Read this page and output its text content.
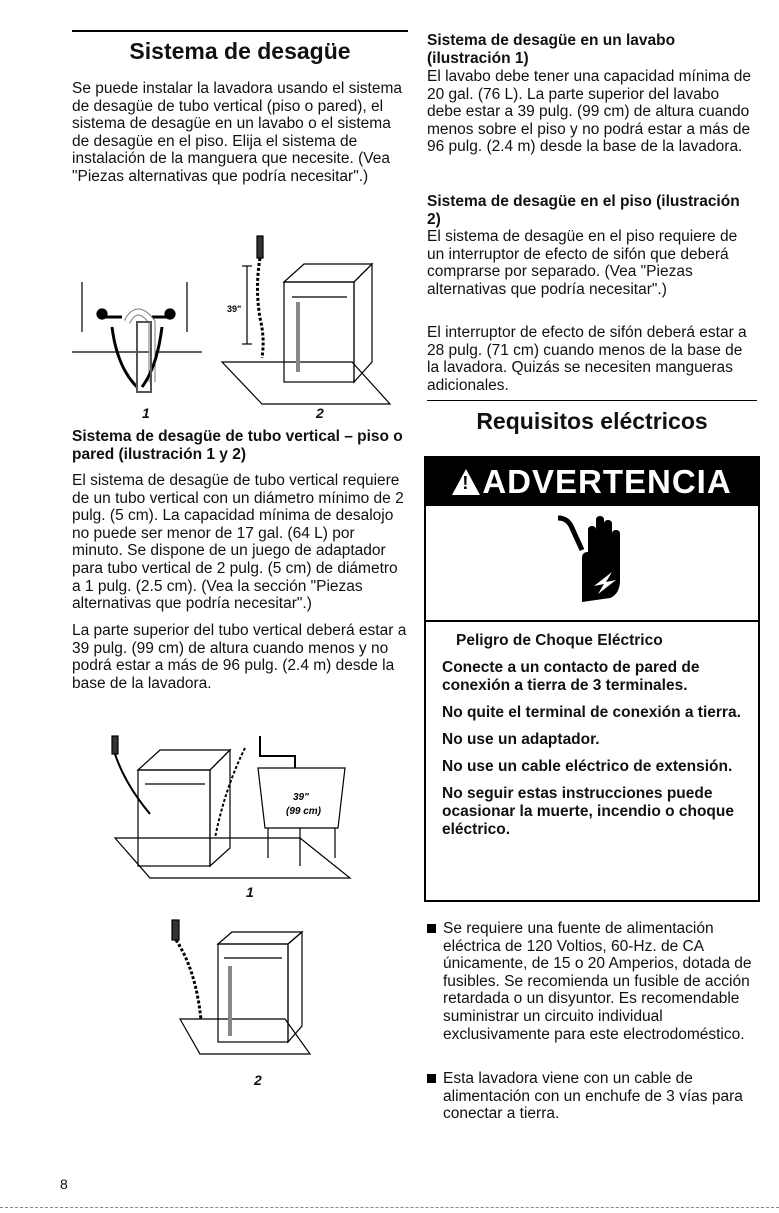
Sistema de desagüe

Se puede instalar la lavadora usando el sistema de desagüe de tubo vertical (piso o pared), el sistema de desagüe en un lavabo o el sistema de desagüe en el piso. Elija el sistema de instalación de la manguera que necesite. (Vea "Piezas alternativas que podría necesitar".)

39"
1	2

Sistema de desagüe de tubo vertical – piso o pared (ilustración 1 y 2)

El sistema de desagüe de tubo vertical requiere de un tubo vertical con un diámetro mínimo de 2 pulg. (5 cm). La capacidad mínima de desalojo no puede ser menor de 17 gal. (64 L) por minuto. Se dispone de un juego de adaptador para tubo vertical de 2 pulg. (5 cm) de diámetro a 1 pulg. (2.5 cm). (Vea la sección "Piezas alternativas que podría necesitar".)

La parte superior del tubo vertical deberá estar a 39 pulg. (99 cm) de altura cuando menos y no podrá estar a más de 96 pulg. (2.4 m) desde la base de la lavadora.

39"
(99 cm)
1
2

Sistema de desagüe en un lavabo (ilustración 1)

El lavabo debe tener una capacidad mínima de 20 gal. (76 L). La parte superior del lavabo debe estar a 39 pulg. (99 cm) de altura cuando menos sobre el piso y no podrá estar a más de 96 pulg. (2.4 m) desde la base de la lavadora.

Sistema de desagüe en el piso (ilustración 2)

El sistema de desagüe en el piso requiere de un interruptor de efecto de sifón que deberá comprarse por separado. (Vea "Piezas alternativas que podría necesitar".)

El interruptor de efecto de sifón deberá estar a 28 pulg. (71 cm) cuando menos de la base de la lavadora. Quizás se necesiten mangueras adicionales.

Requisitos eléctricos
!
ADVERTENCIA

Peligro de Choque Eléctrico

Conecte a un contacto de pared de conexión a tierra de 3 terminales.

No quite el terminal de conexión a tierra.

No use un adaptador.

No use un cable eléctrico de extensión.

No seguir estas instrucciones puede ocasionar la muerte, incendio o choque eléctrico.

Se requiere una fuente de alimentación eléctrica de 120 Voltios, 60-Hz. de CA únicamente, de 15 o 20 Amperios, dotada de fusibles. Se recomienda un fusible de acción retardada o un disyuntor. Es recomendable suministrar un circuito individual exclusivamente para este electrodoméstico.
Esta lavadora viene con un cable de alimentación con un enchufe de 3 vías para conectar a tierra.
8
